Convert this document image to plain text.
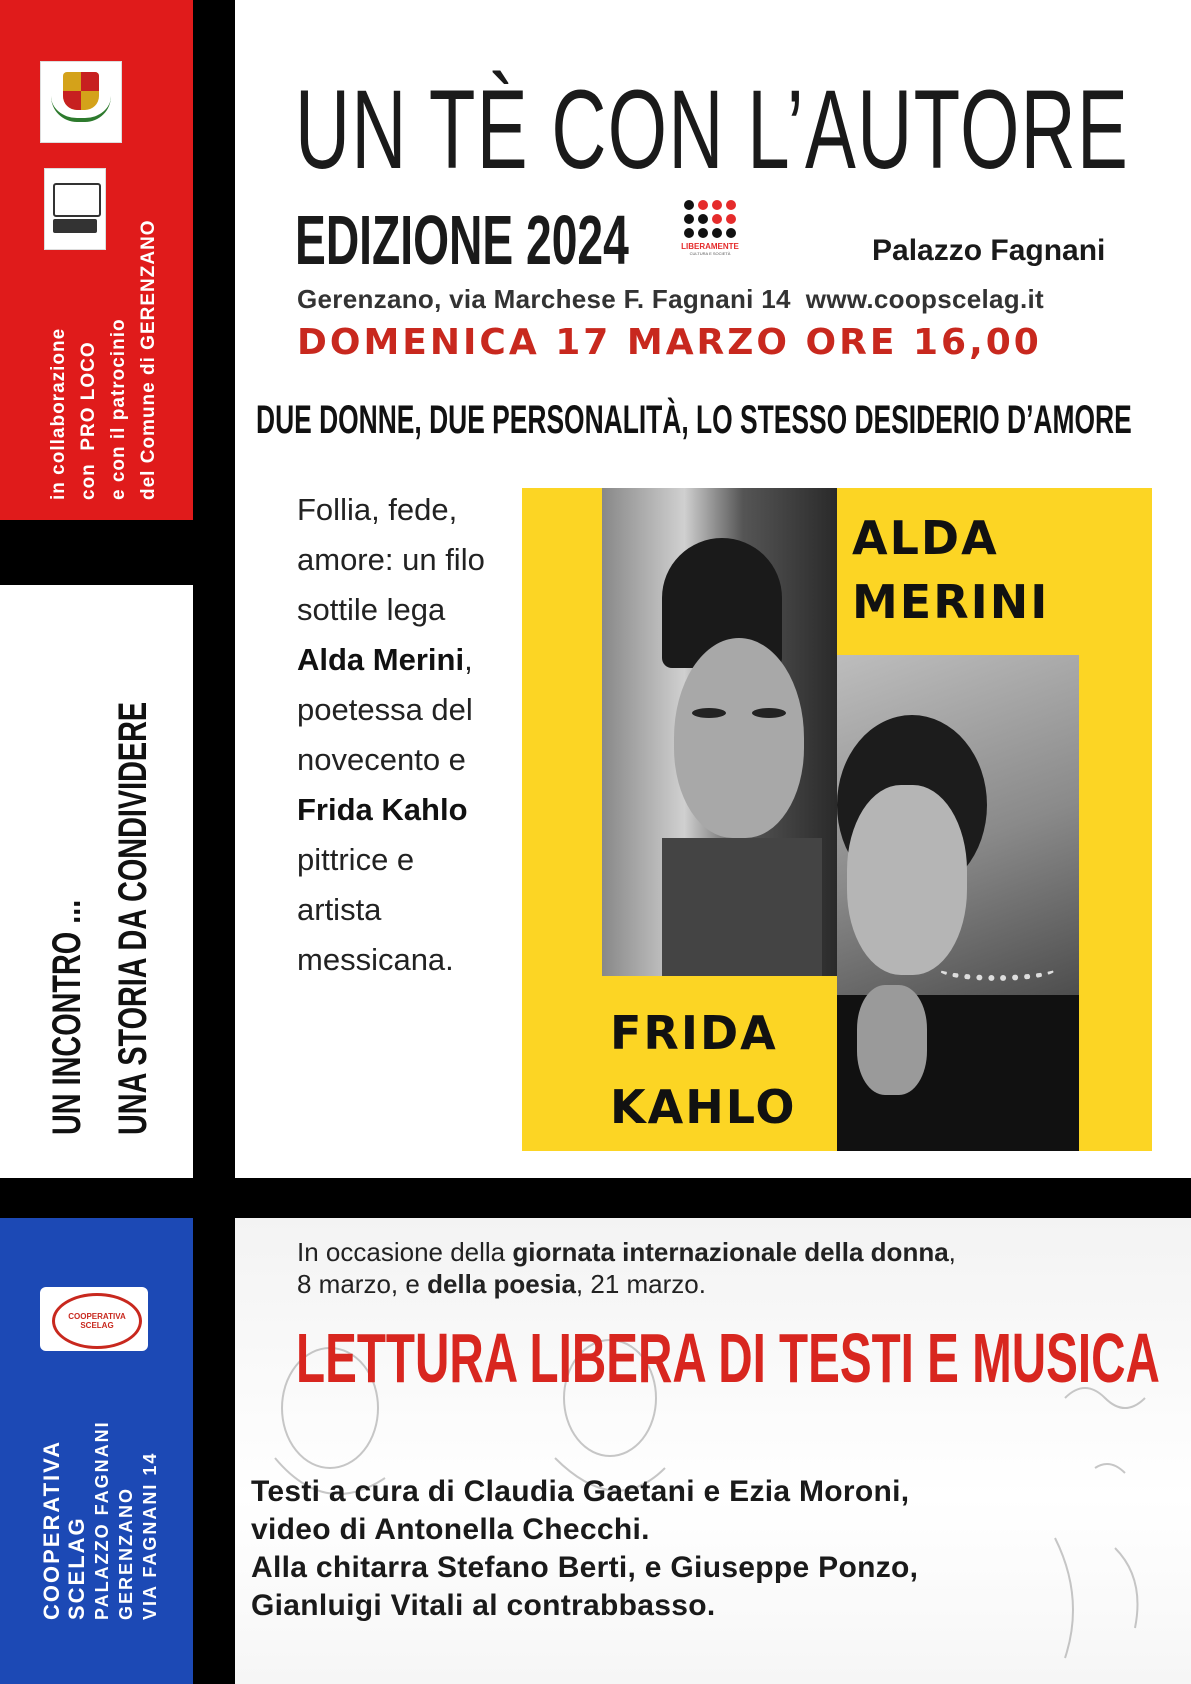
in collaborazione con  PRO LOCO e con il patrocinio del Comune di GERENZANO
UN INCONTRO ... UNA STORIA DA CONDIVIDERE
COOPERATIVA SCELAG
COOPERATIVA
SCELAG PALAZZO FAGNANI GERENZANO VIA FAGNANI 14
UN TÈ CON L’AUTORE
EDIZIONE 2024	LIBERAMENTE
CULTURA E SOCIETÀ	Palazzo Fagnani
Gerenzano, via Marchese F. Fagnani 14 www.coopscelag.it
DOMENICA 17 MARZO ORE 16,00
DUE DONNE, DUE PERSONALITÀ, LO STESSO DESIDERIO D’AMORE
Follia, fede, amore: un filo sottile lega Alda Merini, poetessa del novecento e Frida Kahlo pittrice e artista messicana.
ALDA
MERINI
FRIDA
KAHLO
In occasione della giornata internazionale della donna,
8 marzo, e della poesia, 21 marzo.
LETTURA LIBERA DI TESTI E MUSICA
Testi a cura di Claudia Gaetani e Ezia Moroni,
video di Antonella Checchi.
Alla chitarra Stefano Berti, e Giuseppe Ponzo,
Gianluigi Vitali al contrabbasso.
